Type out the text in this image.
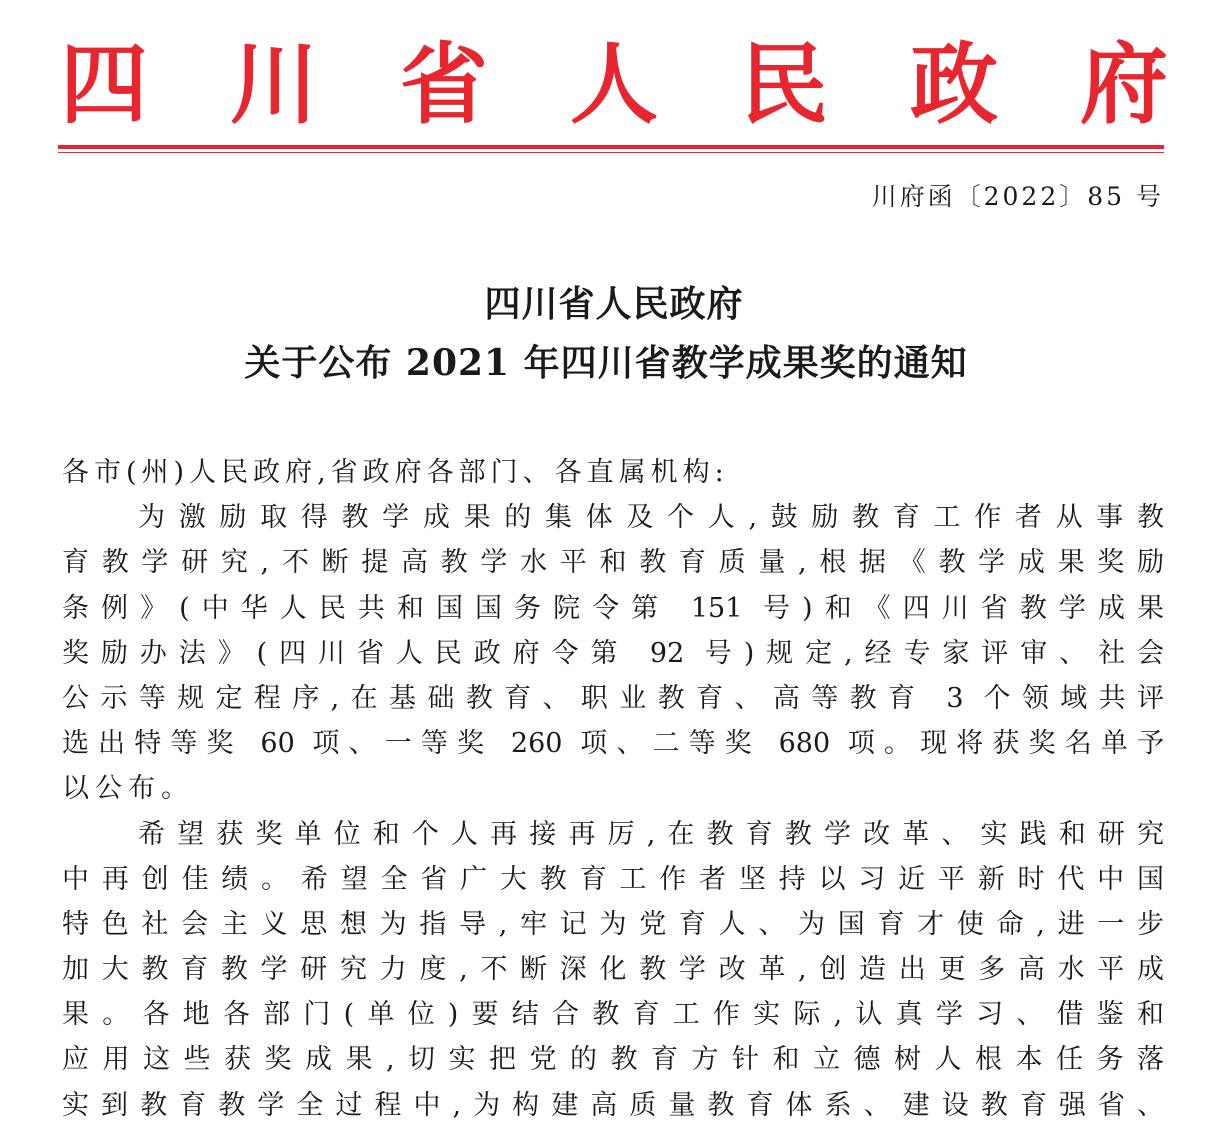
四 川 省 人 民 政 府
川府函〔2022〕85 号
四川省人民政府
关于公布 2021 年四川省教学成果奖的通知
各市(州)人民政府,省政府各部门、各直属机构:
为激励取得教学成果的集体及个人,鼓励教育工作者从事教
育教学研究,不断提高教学水平和教育质量,根据《教学成果奖励
条例》(中华人民共和国国务院令第 151 号)和《四川省教学成果
奖励办法》(四川省人民政府令第 92 号)规定,经专家评审、社会
公示等规定程序,在基础教育、职业教育、高等教育 3 个领域共评
选出特等奖 60 项、一等奖 260 项、二等奖 680 项。现将获奖名单予
以公布。
希望获奖单位和个人再接再厉,在教育教学改革、实践和研究
中再创佳绩。希望全省广大教育工作者坚持以习近平新时代中国
特色社会主义思想为指导,牢记为党育人、为国育才使命,进一步
加大教育教学研究力度,不断深化教学改革,创造出更多高水平成
果。各地各部门(单位)要结合教育工作实际,认真学习、借鉴和
应用这些获奖成果,切实把党的教育方针和立德树人根本任务落
实到教育教学全过程中,为构建高质量教育体系、建设教育强省、
